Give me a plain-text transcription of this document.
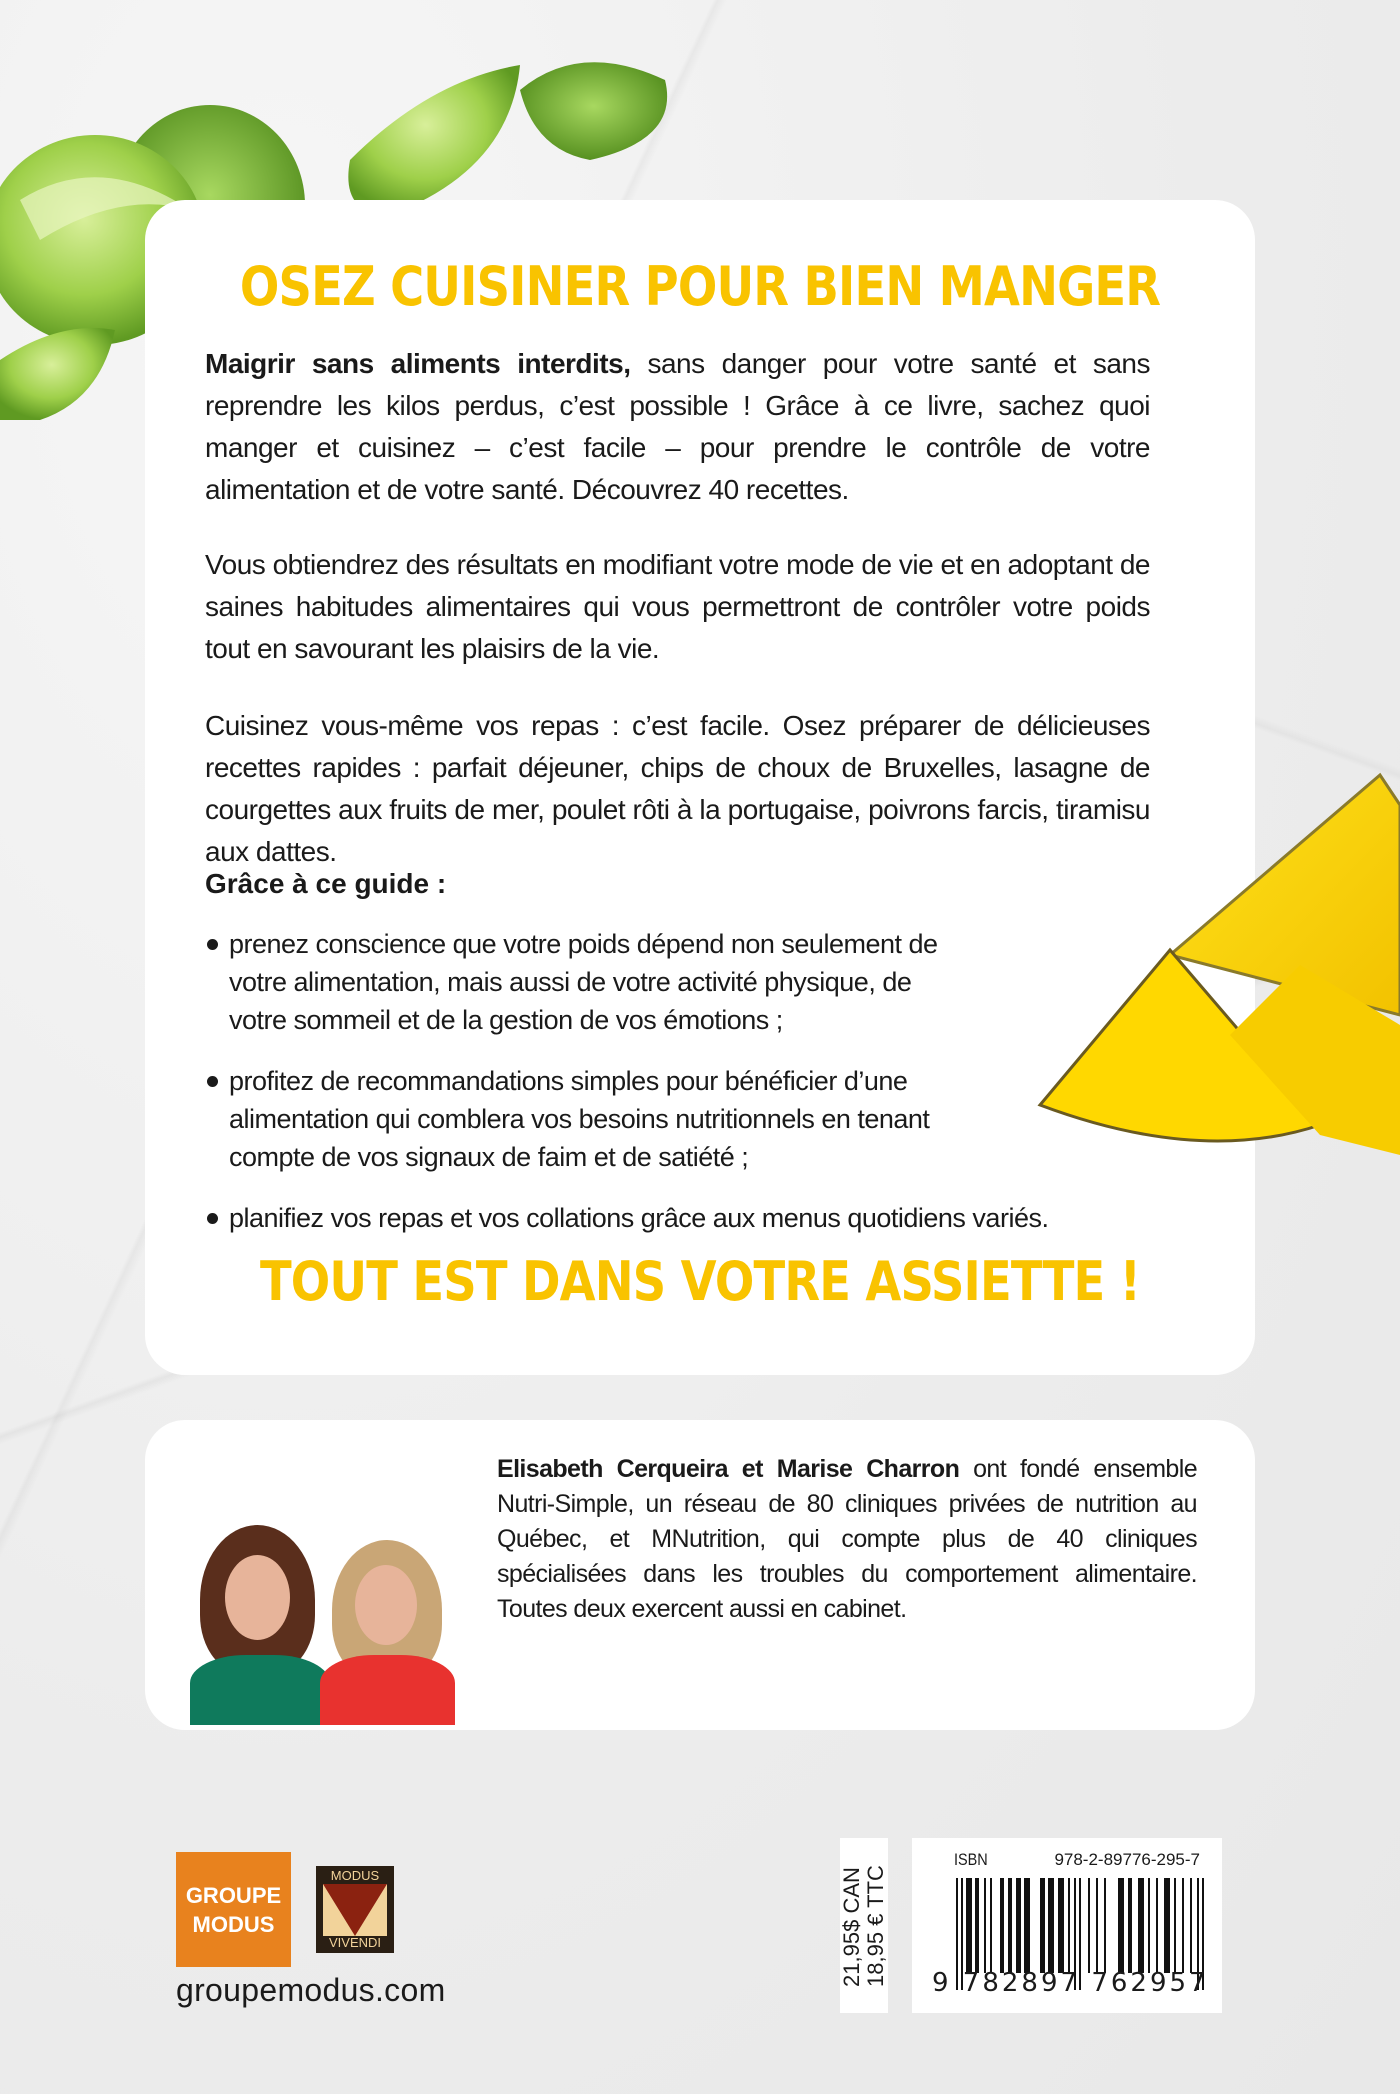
OSEZ CUISINER POUR BIEN MANGER
Maigrir sans aliments interdits, sans danger pour votre santé et sans reprendre les kilos perdus, c’est possible ! Grâce à ce livre, sachez quoi manger et cuisinez – c’est facile – pour prendre le contrôle de votre alimentation et de votre santé. Découvrez 40 recettes.
Vous obtiendrez des résultats en modifiant votre mode de vie et en adoptant de saines habitudes alimentaires qui vous permettront de contrôler votre poids tout en savourant les plaisirs de la vie.
Cuisinez vous-même vos repas : c’est facile. Osez préparer de délicieuses recettes rapides : parfait déjeuner, chips de choux de Bruxelles, lasagne de courgettes aux fruits de mer, poulet rôti à la portugaise, poivrons farcis, tiramisu aux dattes.
Grâce à ce guide :
prenez conscience que votre poids dépend non seulement de votre alimentation, mais aussi de votre activité physique, de votre sommeil et de la gestion de vos émotions ;
profitez de recommandations simples pour bénéficier d’une alimentation qui comblera vos besoins nutritionnels en tenant compte de vos signaux de faim et de satiété ;
planifiez vos repas et vos collations grâce aux menus quotidiens variés.
TOUT EST DANS VOTRE ASSIETTE !
Elisabeth Cerqueira et Marise Charron ont fondé ensemble Nutri-Simple, un réseau de 80 cliniques privées de nutrition au Québec, et MNutrition, qui compte plus de 40 cliniques spécialisées dans les troubles du comportement alimentaire. Toutes deux exercent aussi en cabinet.
GROUPE
MODUS
MODUS
VIVENDI
groupemodus.com
21,95$ CAN 18,95 € TTC
ISBN	978-2-89776-295-7
9 782897 762957
